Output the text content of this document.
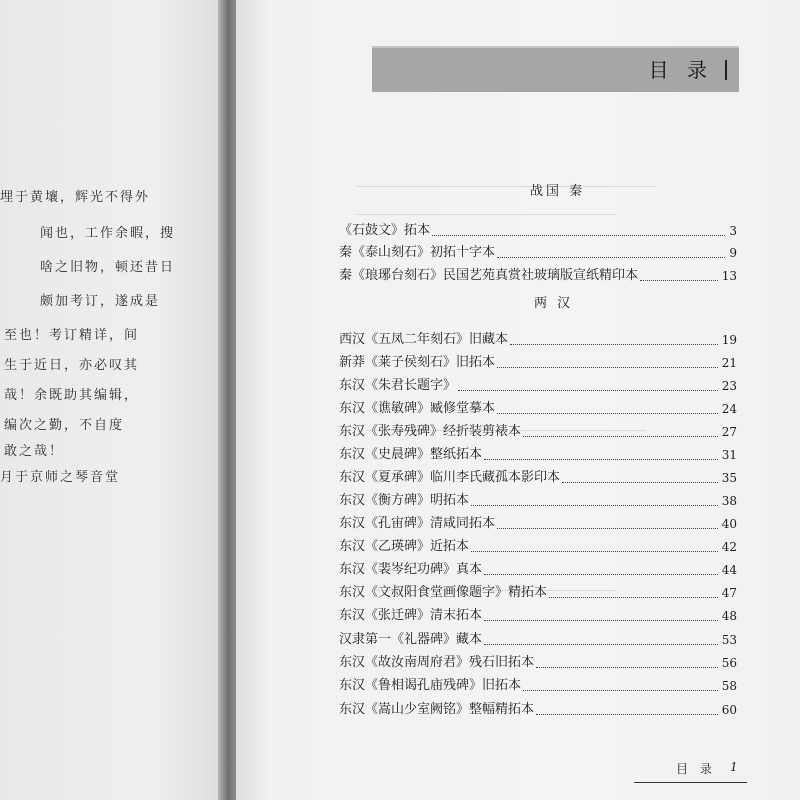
埋于黄壤，辉光不得外
闻也，工作余暇，搜
啥之旧物，顿还昔日
颇加考订，遂成是
至也！考订精详，间
生于近日，亦必叹其
哉！余既助其编辑，
编次之勤，不自度
敢之哉！
月于京师之琴音堂
目 录
战国 秦
《石鼓文》拓本	3
秦《泰山刻石》初拓十字本	9
秦《琅琊台刻石》民国艺苑真赏社玻璃版宣纸精印本	13
两 汉
西汉《五凤二年刻石》旧藏本	19
新莽《莱子侯刻石》旧拓本	21
东汉《朱君长题字》	23
东汉《谯敏碑》臧修堂摹本	24
东汉《张寿残碑》经折装剪裱本	27
东汉《史晨碑》整纸拓本	31
东汉《夏承碑》临川李氏藏孤本影印本	35
东汉《衡方碑》明拓本	38
东汉《孔宙碑》清咸同拓本	40
东汉《乙瑛碑》近拓本	42
东汉《裴岑纪功碑》真本	44
东汉《文叔阳食堂画像题字》精拓本	47
东汉《张迁碑》清末拓本	48
汉隶第一《礼器碑》藏本	53
东汉《故汝南周府君》残石旧拓本	56
东汉《鲁相谒孔庙残碑》旧拓本	58
东汉《嵩山少室阙铭》整幅精拓本	60
目 录 1
